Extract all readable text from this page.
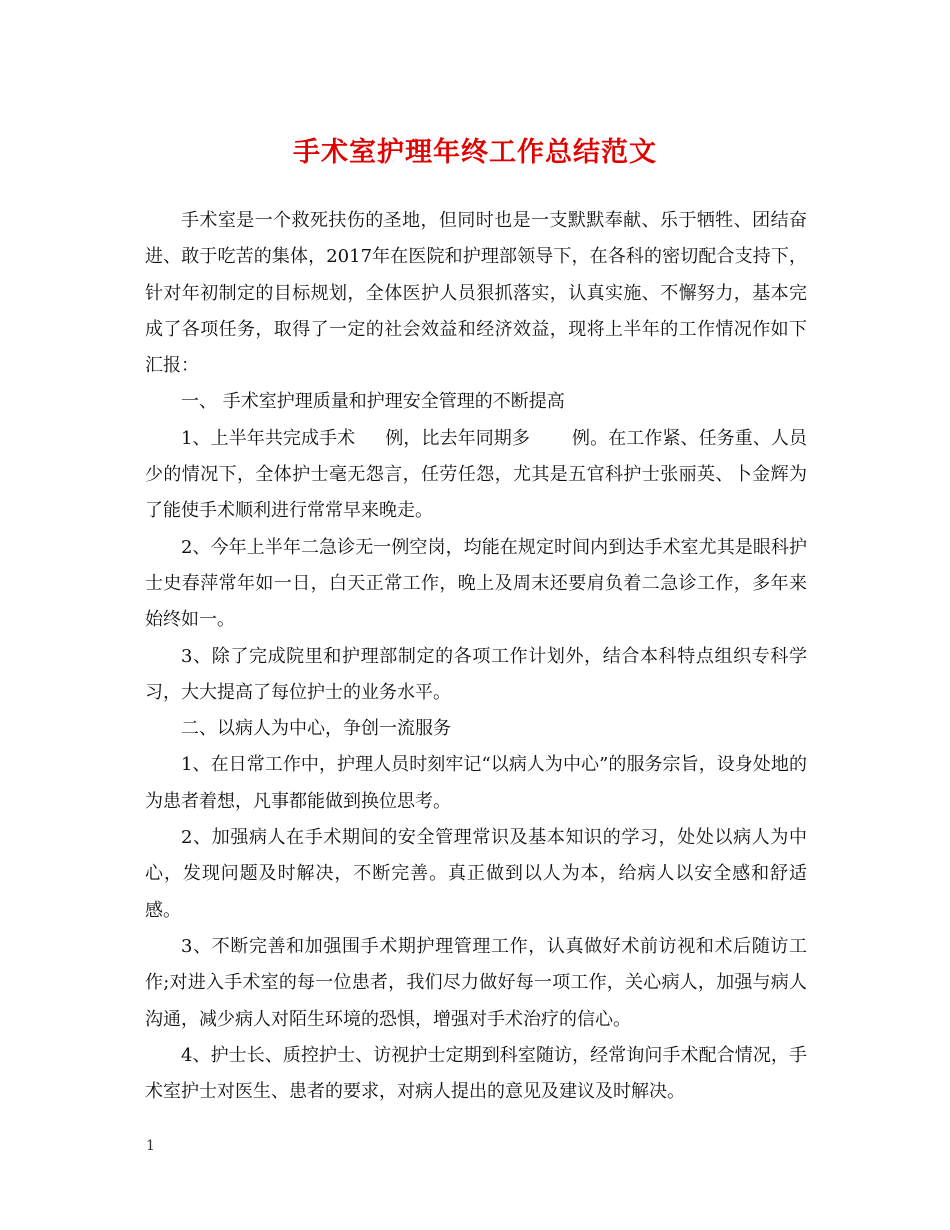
手术室护理年终工作总结范文

手术室是一个救死扶伤的圣地，但同时也是一支默默奉献、乐于牺牲、团结奋进、敢于吃苦的集体，2017年在医院和护理部领导下，在各科的密切配合支持下，针对年初制定的目标规划，全体医护人员狠抓落实，认真实施、不懈努力，基本完成了各项任务，取得了一定的社会效益和经济效益，现将上半年的工作情况作如下汇报：

一、 手术室护理质量和护理安全管理的不断提高

1、上半年共完成手术 例，比去年同期多 例。在工作紧、任务重、人员少的情况下，全体护士毫无怨言，任劳任怨，尤其是五官科护士张丽英、卜金辉为了能使手术顺利进行常常早来晚走。

2、今年上半年二急诊无一例空岗，均能在规定时间内到达手术室尤其是眼科护士史春萍常年如一日，白天正常工作，晚上及周末还要肩负着二急诊工作，多年来始终如一。

3、除了完成院里和护理部制定的各项工作计划外，结合本科特点组织专科学习，大大提高了每位护士的业务水平。

二、以病人为中心，争创一流服务

1、在日常工作中，护理人员时刻牢记“以病人为中心”的服务宗旨，设身处地的为患者着想，凡事都能做到换位思考。

2、加强病人在手术期间的安全管理常识及基本知识的学习，处处以病人为中心，发现问题及时解决，不断完善。真正做到以人为本，给病人以安全感和舒适感。

3、不断完善和加强围手术期护理管理工作，认真做好术前访视和术后随访工作;对进入手术室的每一位患者，我们尽力做好每一项工作，关心病人，加强与病人沟通，减少病人对陌生环境的恐惧，增强对手术治疗的信心。

4、护士长、质控护士、访视护士定期到科室随访，经常询问手术配合情况，手术室护士对医生、患者的要求，对病人提出的意见及建议及时解决。

1
